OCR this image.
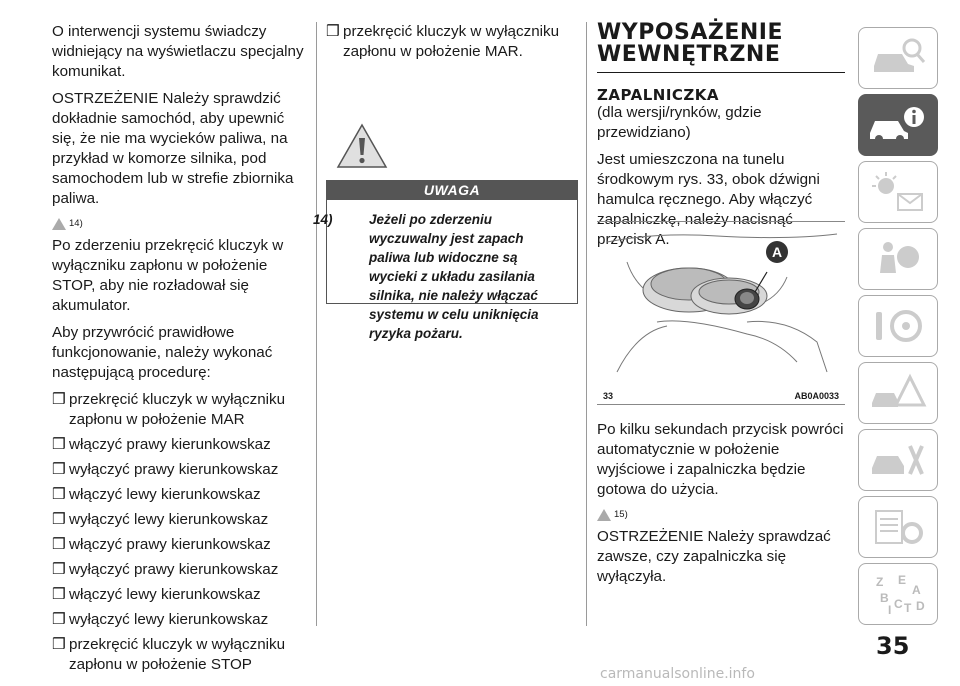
O interwencji systemu świadczy widniejący na wyświetlaczu specjalny komunikat.

OSTRZEŻENIE Należy sprawdzić dokładnie samochód, aby upewnić się, że nie ma wycieków paliwa, na przykład w komorze silnika, pod samochodem lub w strefie zbiornika paliwa.

14)

Po zderzeniu przekręcić kluczyk w wyłączniku zapłonu w położenie STOP, aby nie rozładował się akumulator.

Aby przywrócić prawidłowe funkcjonowanie, należy wykonać następującą procedurę:

❒ przekręcić kluczyk w wyłączniku zapłonu w położenie MAR
❒ włączyć prawy kierunkowskaz
❒ wyłączyć prawy kierunkowskaz
❒ włączyć lewy kierunkowskaz
❒ wyłączyć lewy kierunkowskaz
❒ włączyć prawy kierunkowskaz
❒ wyłączyć prawy kierunkowskaz
❒ włączyć lewy kierunkowskaz
❒ wyłączyć lewy kierunkowskaz
❒ przekręcić kluczyk w wyłączniku zapłonu w położenie STOP
❒ przekręcić kluczyk w wyłączniku zapłonu w położenie MAR.
UWAGA
14)	Jeżeli po zderzeniu wyczuwalny jest zapach paliwa lub widoczne są wycieki z układu zasilania silnika, nie należy włączać systemu w celu uniknięcia ryzyka pożaru.
WYPOSAŻENIE
WEWNĘTRZNE
ZAPALNICZKA

(dla wersji/rynków, gdzie przewidziano)

Jest umieszczona na tunelu środkowym rys. 33, obok dźwigni hamulca ręcznego. Aby włączyć zapalniczkę, należy nacisnąć przycisk A.

A
33	AB0A0033

Po kilku sekundach przycisk powróci automatycznie w położenie wyjściowe i zapalniczka będzie gotowa do użycia.

15)

OSTRZEŻENIE Należy sprawdzać zawsze, czy zapalniczka się wyłączyła.	Z E
A
B C T D
I
35
carmanualsonline.info
